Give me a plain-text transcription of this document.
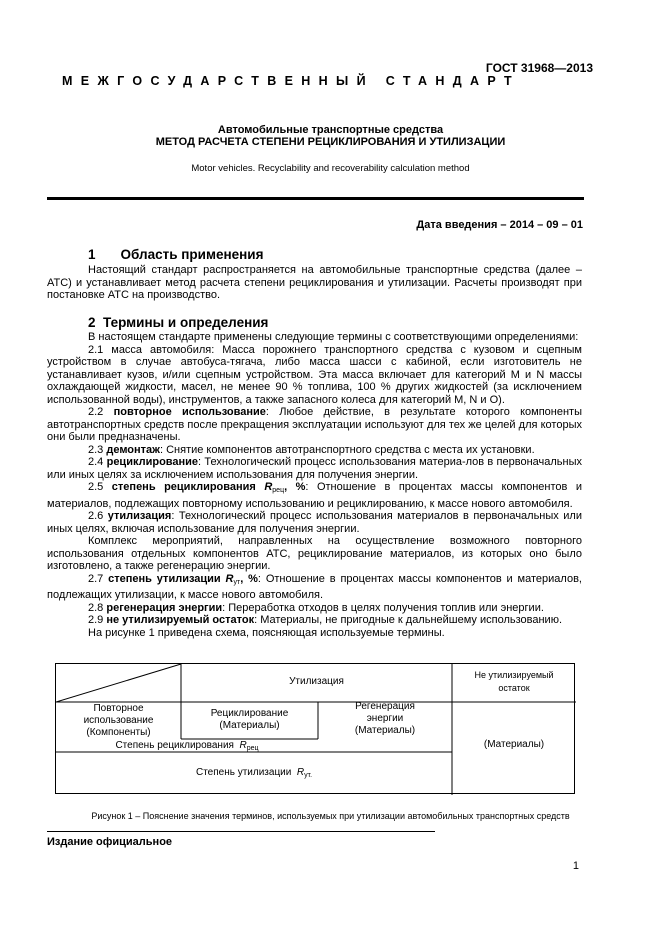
ГОСТ 31968—2013
МЕЖГОСУДАРСТВЕННЫЙ СТАНДАРТ
Автомобильные транспортные средства
МЕТОД РАСЧЕТА СТЕПЕНИ РЕЦИКЛИРОВАНИЯ И УТИЛИЗАЦИИ
Motor vehicles. Recyclability and recoverability calculation method
Дата введения – 2014 – 09 – 01
1 Область применения

Настоящий стандарт распространяется на автомобильные транспортные средства (далее – АТС) и устанавливает метод расчета степени рециклирования и утилизации. Расчеты производят при постановке АТС на производство.

2 Термины и определения

В настоящем стандарте применены следующие термины с соответствующими определениями:

2.1 масса автомобиля: Масса порожнего транспортного средства с кузовом и сцепным устройством в случае автобуса-тягача, либо масса шасси с кабиной, если изготовитель не устанавливает кузов, и/или сцепным устройством. Эта масса включает для категорий M и N массы охлаждающей жидкости, масел, не менее 90 % топлива, 100 % других жидкостей (за исключением использованной воды), инструментов, а также запасного колеса для категорий M, N и O).

2.2 повторное использование: Любое действие, в результате которого компоненты автотранспортных средств после прекращения эксплуатации используют для тех же целей для которых они были предназначены.

2.3 демонтаж: Снятие компонентов автотранспортного средства с места их установки.

2.4 рециклирование: Технологический процесс использования материа-лов в первоначальных или иных целях за исключением использования для получения энергии.

2.5 степень рециклирования $R_{рец}$, %: Отношение в процентах массы компонентов и материалов, подлежащих повторному использованию и рециклированию, к массе нового автомобиля.

2.6 утилизация: Технологический процесс использования материалов в первоначальных или иных целях, включая использование для получения энергии.

Комплекс мероприятий, направленных на осуществление возможного повторного использования отдельных компонентов АТС, рециклирование материалов, из которых оно было изготовлено, а также регенерацию энергии.

2.7 степень утилизации $R_{ут}$, %: Отношение в процентах массы компонентов и материалов, подлежащих утилизации, к массе нового автомобиля.

2.8 регенерация энергии: Переработка отходов в целях получения топлив или энергии.

2.9 не утилизируемый остаток: Материалы, не пригодные к дальнейшему использованию.

На рисунке 1 приведена схема, поясняющая используемые термины.

Утилизация
Не утилизируемый
остаток
Повторное
использование
(Компоненты)
Рециклирование
(Материалы)
Регенерация
энергии
(Материалы)
Степень рециклирования $R_{рец}$	(Материалы)
Степень утилизации $R_{ут.}$
Рисунок 1 – Пояснение значения терминов, используемых при утилизации автомобильных транспортных средств
Издание официальное
1
